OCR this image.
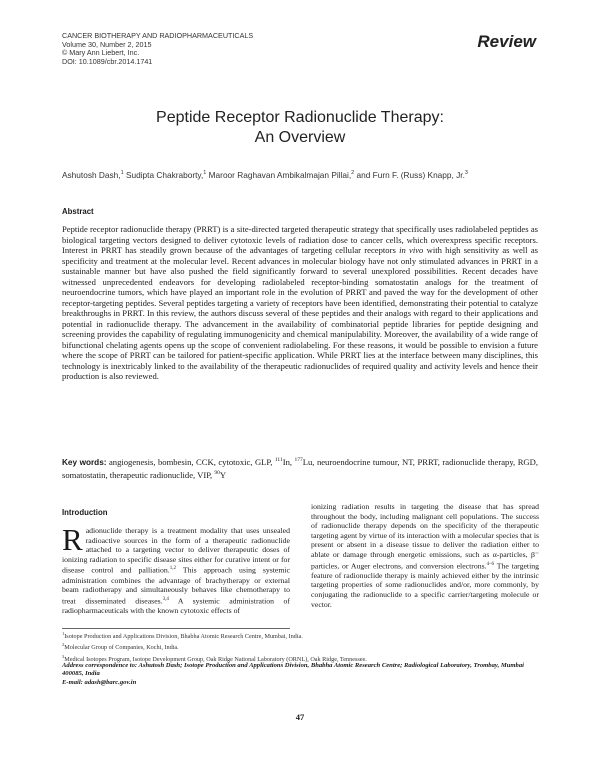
CANCER BIOTHERAPY AND RADIOPHARMACEUTICALS
Volume 30, Number 2, 2015
© Mary Ann Liebert, Inc.
DOI: 10.1089/cbr.2014.1741
Review
Peptide Receptor Radionuclide Therapy:
An Overview
Ashutosh Dash,$^1$ Sudipta Chakraborty,$^1$ Maroor Raghavan Ambikalmajan Pillai,$^2$ and Furn F. (Russ) Knapp, Jr.$^3$
Abstract
Peptide receptor radionuclide therapy (PRRT) is a site-directed targeted therapeutic strategy that specifically uses radiolabeled peptides as biological targeting vectors designed to deliver cytotoxic levels of radiation dose to cancer cells, which overexpress specific receptors. Interest in PRRT has steadily grown because of the advantages of targeting cellular receptors in vivo with high sensitivity as well as specificity and treatment at the molecular level. Recent advances in molecular biology have not only stimulated advances in PRRT in a sustainable manner but have also pushed the field significantly forward to several unexplored possibilities. Recent decades have witnessed unprecedented endeavors for developing radiolabeled receptor-binding somatostatin analogs for the treatment of neuroendocrine tumors, which have played an important role in the evolution of PRRT and paved the way for the development of other receptor-targeting peptides. Several peptides targeting a variety of receptors have been identified, demonstrating their potential to catalyze breakthroughs in PRRT. In this review, the authors discuss several of these peptides and their analogs with regard to their applications and potential in radionuclide therapy. The advancement in the availability of combinatorial peptide libraries for peptide designing and screening provides the capability of regulating immunogenicity and chemical manipulability. Moreover, the availability of a wide range of bifunctional chelating agents opens up the scope of convenient radiolabeling. For these reasons, it would be possible to envision a future where the scope of PRRT can be tailored for patient-specific application. While PRRT lies at the interface between many disciplines, this technology is inextricably linked to the availability of the therapeutic radionuclides of required quality and activity levels and hence their production is also reviewed.
Key words: angiogenesis, bombesin, CCK, cytotoxic, GLP, $^{111}$In, $^{177}$Lu, neuroendocrine tumour, NT, PRRT, radionuclide therapy, RGD, somatostatin, therapeutic radionuclide, VIP, $^{90}$Y
Introduction
Radionuclide therapy is a treatment modality that uses unsealed radioactive sources in the form of a therapeutic radionuclide attached to a targeting vector to deliver therapeutic doses of ionizing radiation to specific disease sites either for curative intent or for disease control and palliation.$^{1,2}$ This approach using systemic administration combines the advantage of brachytherapy or external beam radiotherapy and simultaneously behaves like chemotherapy to treat disseminated diseases.$^{3,4}$ A systemic administration of radiopharmaceuticals with the known cytotoxic effects of
ionizing radiation results in targeting the disease that has spread throughout the body, including malignant cell populations. The success of radionuclide therapy depends on the specificity of the therapeutic targeting agent by virtue of its interaction with a molecular species that is present or absent in a disease tissue to deliver the radiation either to ablate or damage through energetic emissions, such as α-particles, β⁻ particles, or Auger electrons, and conversion electrons.$^{4-6}$ The targeting feature of radionuclide therapy is mainly achieved either by the intrinsic targeting properties of some radionuclides and/or, more commonly, by conjugating the radionuclide to a specific carrier/targeting molecule or vector.
$^1$Isotope Production and Applications Division, Bhabha Atomic Research Centre, Mumbai, India.
$^2$Molecular Group of Companies, Kochi, India.
$^3$Medical Isotopes Program, Isotope Development Group, Oak Ridge National Laboratory (ORNL), Oak Ridge, Tennessee.
Address correspondence to: Ashutosh Dash; Isotope Production and Applications Division, Bhabha Atomic Research Centre; Radiological Laboratory, Trombay, Mumbai 400085, India
E-mail: adash@barc.gov.in
47
